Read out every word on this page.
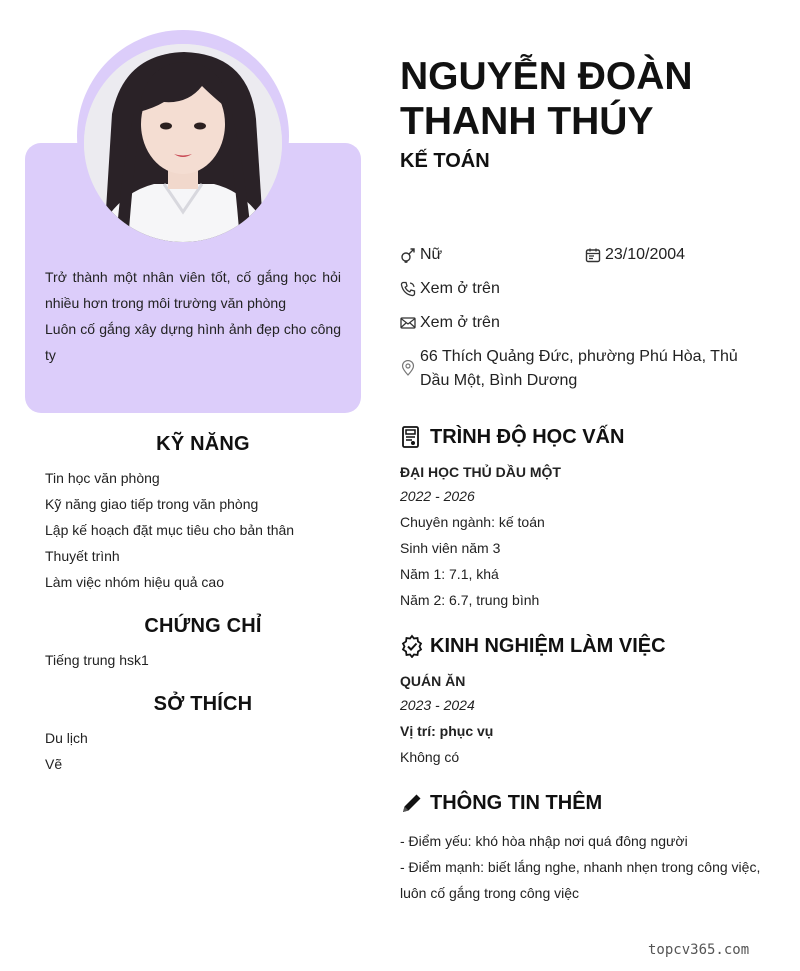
Trở thành một nhân viên tốt, cố gắng học hỏi nhiều hơn trong môi trường văn phòng

Luôn cố gắng xây dựng hình ảnh đẹp cho công ty

KỸ NĂNG
Tin học văn phòng
Kỹ năng giao tiếp trong văn phòng
Lập kế hoạch đặt mục tiêu cho bản thân
Thuyết trình
Làm việc nhóm hiệu quả cao
CHỨNG CHỈ
Tiếng trung hsk1
SỞ THÍCH
Du lịch
Vẽ
NGUYỄN ĐOÀN
THANH THÚY
KẾ TOÁN
Nữ	23/10/2004
Xem ở trên
Xem ở trên
66 Thích Quảng Đức, phường Phú Hòa, Thủ Dầu Một, Bình Dương
TRÌNH ĐỘ HỌC VẤN
ĐẠI HỌC THỦ DẦU MỘT
2022 - 2026
Chuyên ngành: kế toán
Sinh viên năm 3
Năm 1: 7.1, khá
Năm 2: 6.7, trung bình
KINH NGHIỆM LÀM VIỆC
QUÁN ĂN
2023 - 2024
Vị trí: phục vụ
Không có
THÔNG TIN THÊM
- Điểm yếu: khó hòa nhập nơi quá đông người
- Điểm mạnh: biết lắng nghe, nhanh nhẹn trong công việc, luôn cố gắng trong công việc
topcv365.com
